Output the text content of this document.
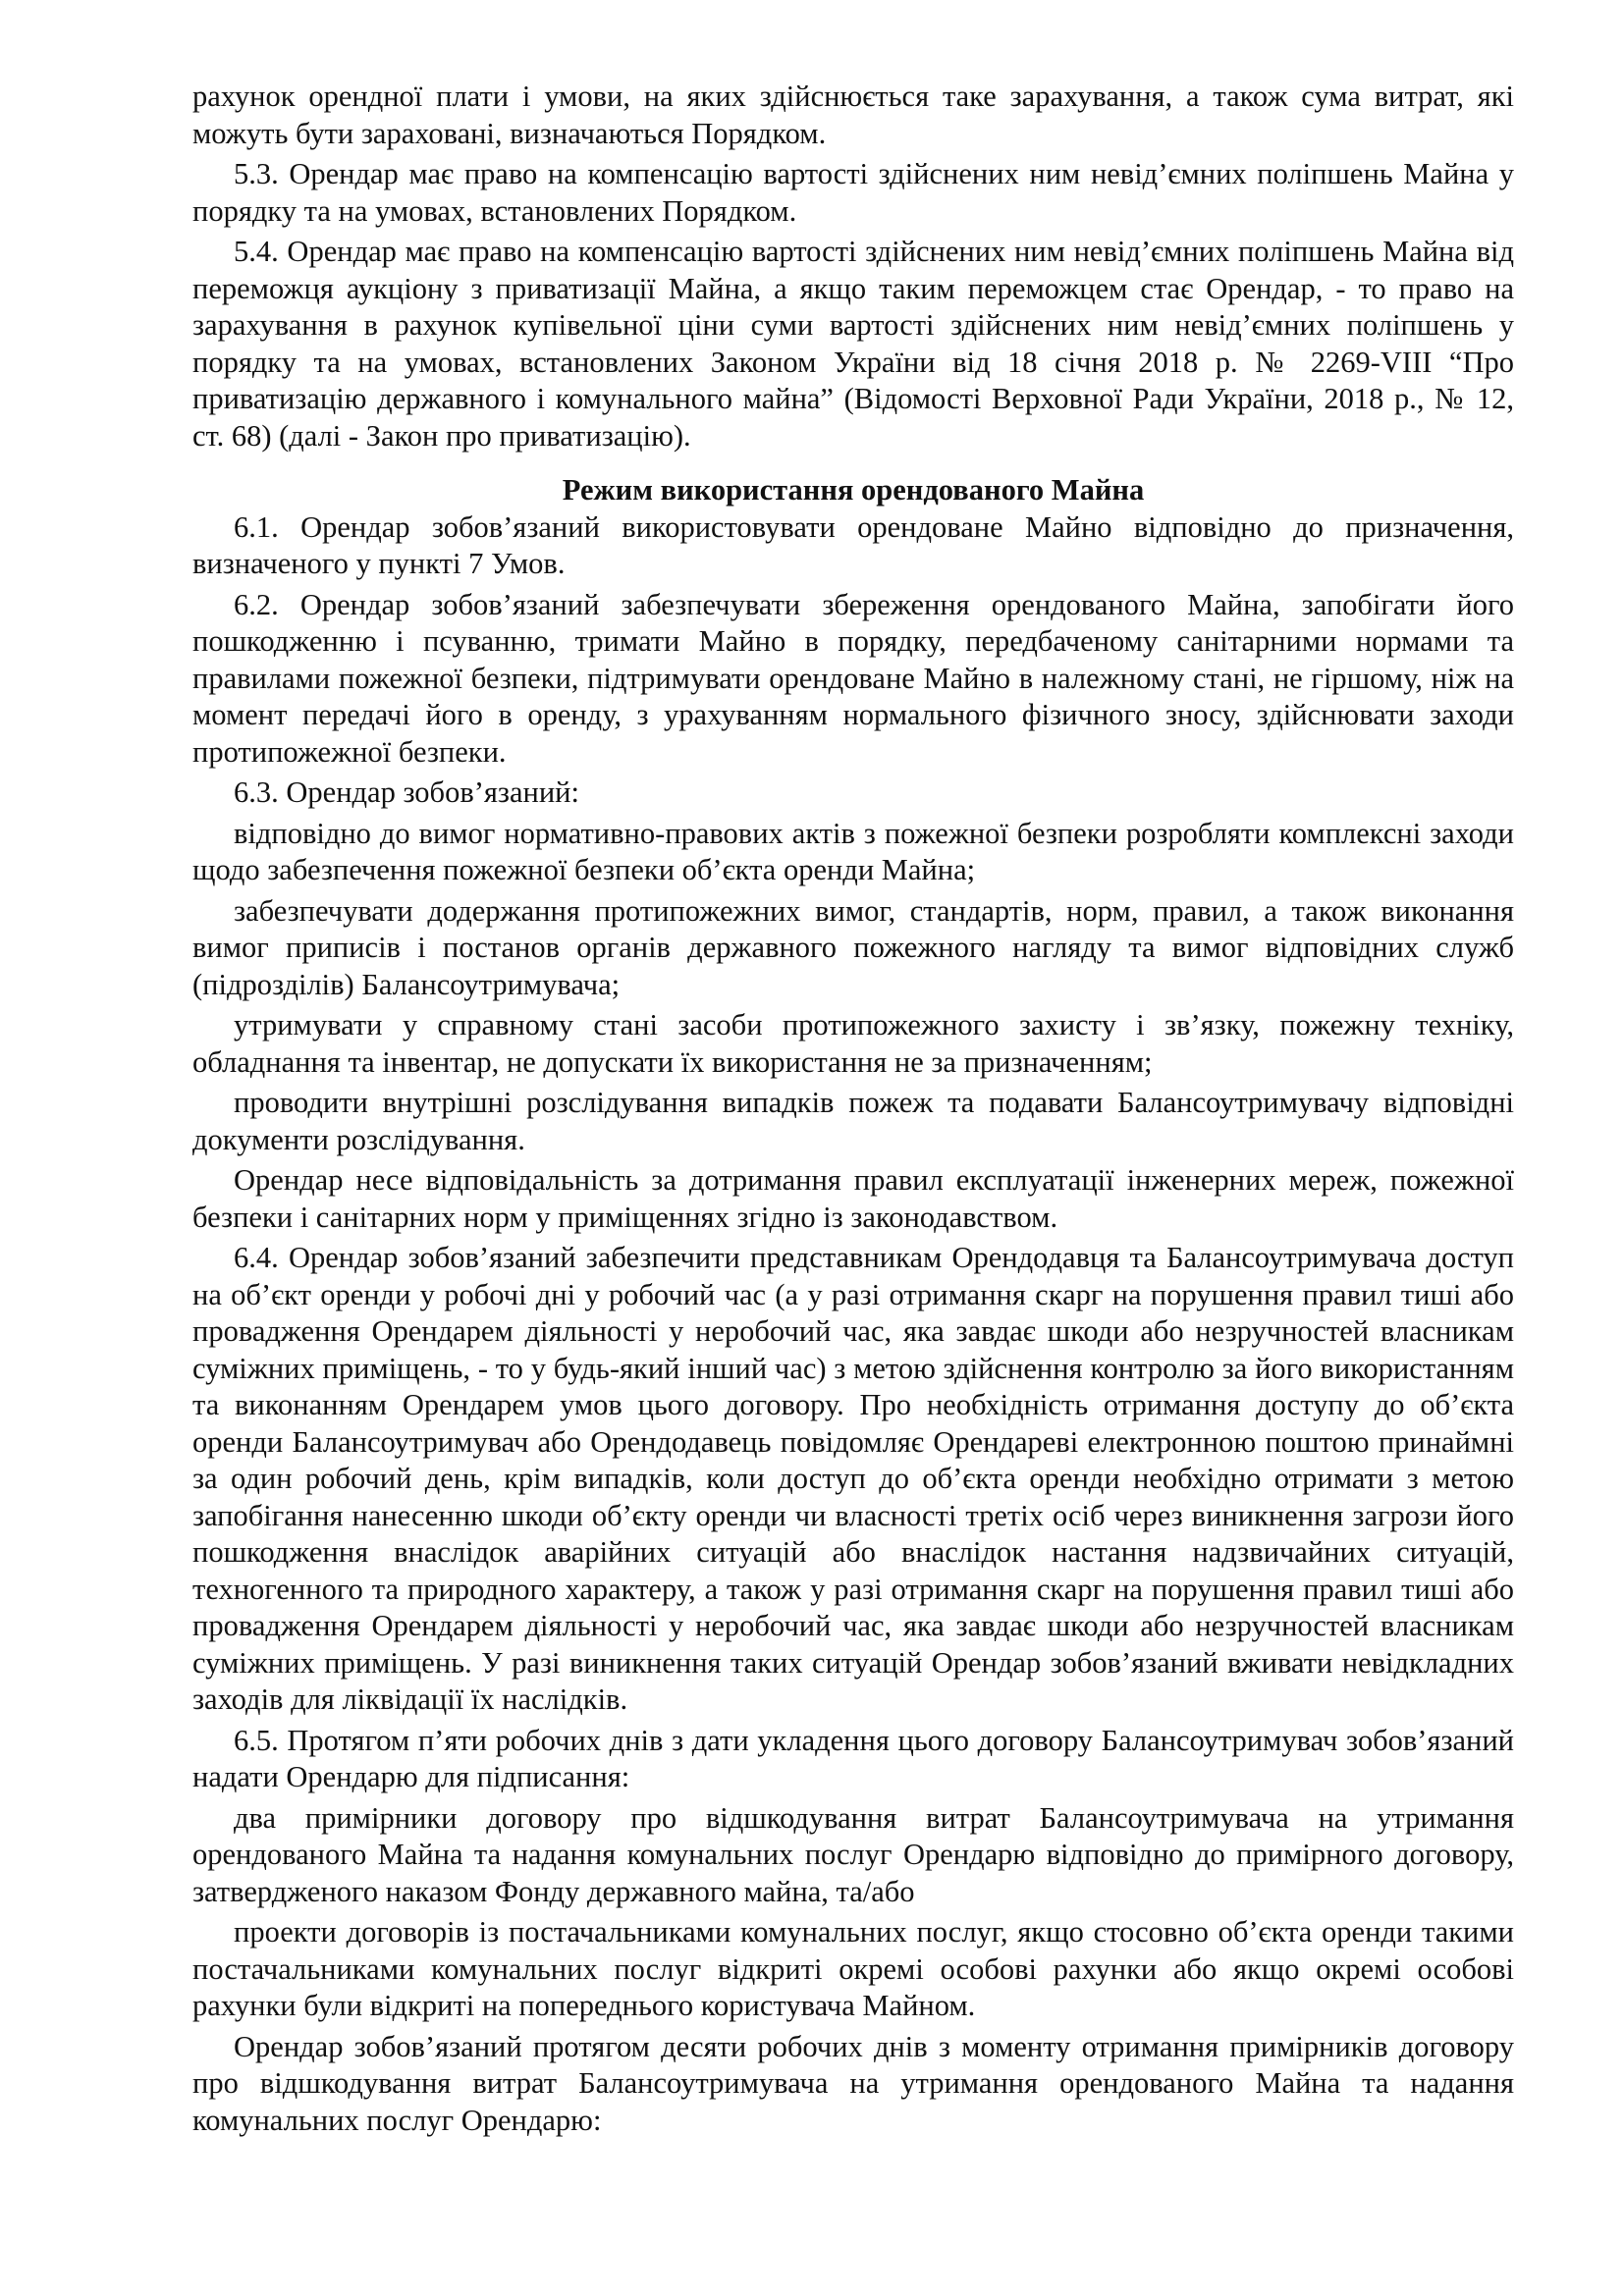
рахунок орендної плати і умови, на яких здійснюється таке зарахування, а також сума витрат, які можуть бути зараховані, визначаються Порядком.

5.3. Орендар має право на компенсацію вартості здійснених ним невід’ємних поліпшень Майна у порядку та на умовах, встановлених Порядком.

5.4. Орендар має право на компенсацію вартості здійснених ним невід’ємних поліпшень Майна від переможця аукціону з приватизації Майна, а якщо таким переможцем стає Орендар, - то право на зарахування в рахунок купівельної ціни суми вартості здійснених ним невід’ємних поліпшень у порядку та на умовах, встановлених Законом України від 18 січня 2018 р. № 2269-VIII “Про приватизацію державного і комунального майна” (Відомості Верховної Ради України, 2018 р., № 12, ст. 68) (далі - Закон про приватизацію).

Режим використання орендованого Майна

6.1. Орендар зобов’язаний використовувати орендоване Майно відповідно до призначення, визначеного у пункті 7 Умов.

6.2. Орендар зобов’язаний забезпечувати збереження орендованого Майна, запобігати його пошкодженню і псуванню, тримати Майно в порядку, передбаченому санітарними нормами та правилами пожежної безпеки, підтримувати орендоване Майно в належному стані, не гіршому, ніж на момент передачі його в оренду, з урахуванням нормального фізичного зносу, здійснювати заходи протипожежної безпеки.

6.3. Орендар зобов’язаний:

відповідно до вимог нормативно-правових актів з пожежної безпеки розробляти комплексні заходи щодо забезпечення пожежної безпеки об’єкта оренди Майна;

забезпечувати додержання протипожежних вимог, стандартів, норм, правил, а також виконання вимог приписів і постанов органів державного пожежного нагляду та вимог відповідних служб (підрозділів) Балансоутримувача;

утримувати у справному стані засоби протипожежного захисту і зв’язку, пожежну техніку, обладнання та інвентар, не допускати їх використання не за призначенням;

проводити внутрішні розслідування випадків пожеж та подавати Балансоутримувачу відповідні документи розслідування.

Орендар несе відповідальність за дотримання правил експлуатації інженерних мереж, пожежної безпеки і санітарних норм у приміщеннях згідно із законодавством.

6.4. Орендар зобов’язаний забезпечити представникам Орендодавця та Балансоутримувача доступ на об’єкт оренди у робочі дні у робочий час (а у разі отримання скарг на порушення правил тиші або провадження Орендарем діяльності у неробочий час, яка завдає шкоди або незручностей власникам суміжних приміщень, - то у будь-який інший час) з метою здійснення контролю за його використанням та виконанням Орендарем умов цього договору. Про необхідність отримання доступу до об’єкта оренди Балансоутримувач або Орендодавець повідомляє Орендареві електронною поштою принаймні за один робочий день, крім випадків, коли доступ до об’єкта оренди необхідно отримати з метою запобігання нанесенню шкоди об’єкту оренди чи власності третіх осіб через виникнення загрози його пошкодження внаслідок аварійних ситуацій або внаслідок настання надзвичайних ситуацій, техногенного та природного характеру, а також у разі отримання скарг на порушення правил тиші або провадження Орендарем діяльності у неробочий час, яка завдає шкоди або незручностей власникам суміжних приміщень. У разі виникнення таких ситуацій Орендар зобов’язаний вживати невідкладних заходів для ліквідації їх наслідків.

6.5. Протягом п’яти робочих днів з дати укладення цього договору Балансоутримувач зобов’язаний надати Орендарю для підписання:

два примірники договору про відшкодування витрат Балансоутримувача на утримання орендованого Майна та надання комунальних послуг Орендарю відповідно до примірного договору, затвердженого наказом Фонду державного майна, та/або

проекти договорів із постачальниками комунальних послуг, якщо стосовно об’єкта оренди такими постачальниками комунальних послуг відкриті окремі особові рахунки або якщо окремі особові рахунки були відкриті на попереднього користувача Майном.

Орендар зобов’язаний протягом десяти робочих днів з моменту отримання примірників договору про відшкодування витрат Балансоутримувача на утримання орендованого Майна та надання комунальних послуг Орендарю:
